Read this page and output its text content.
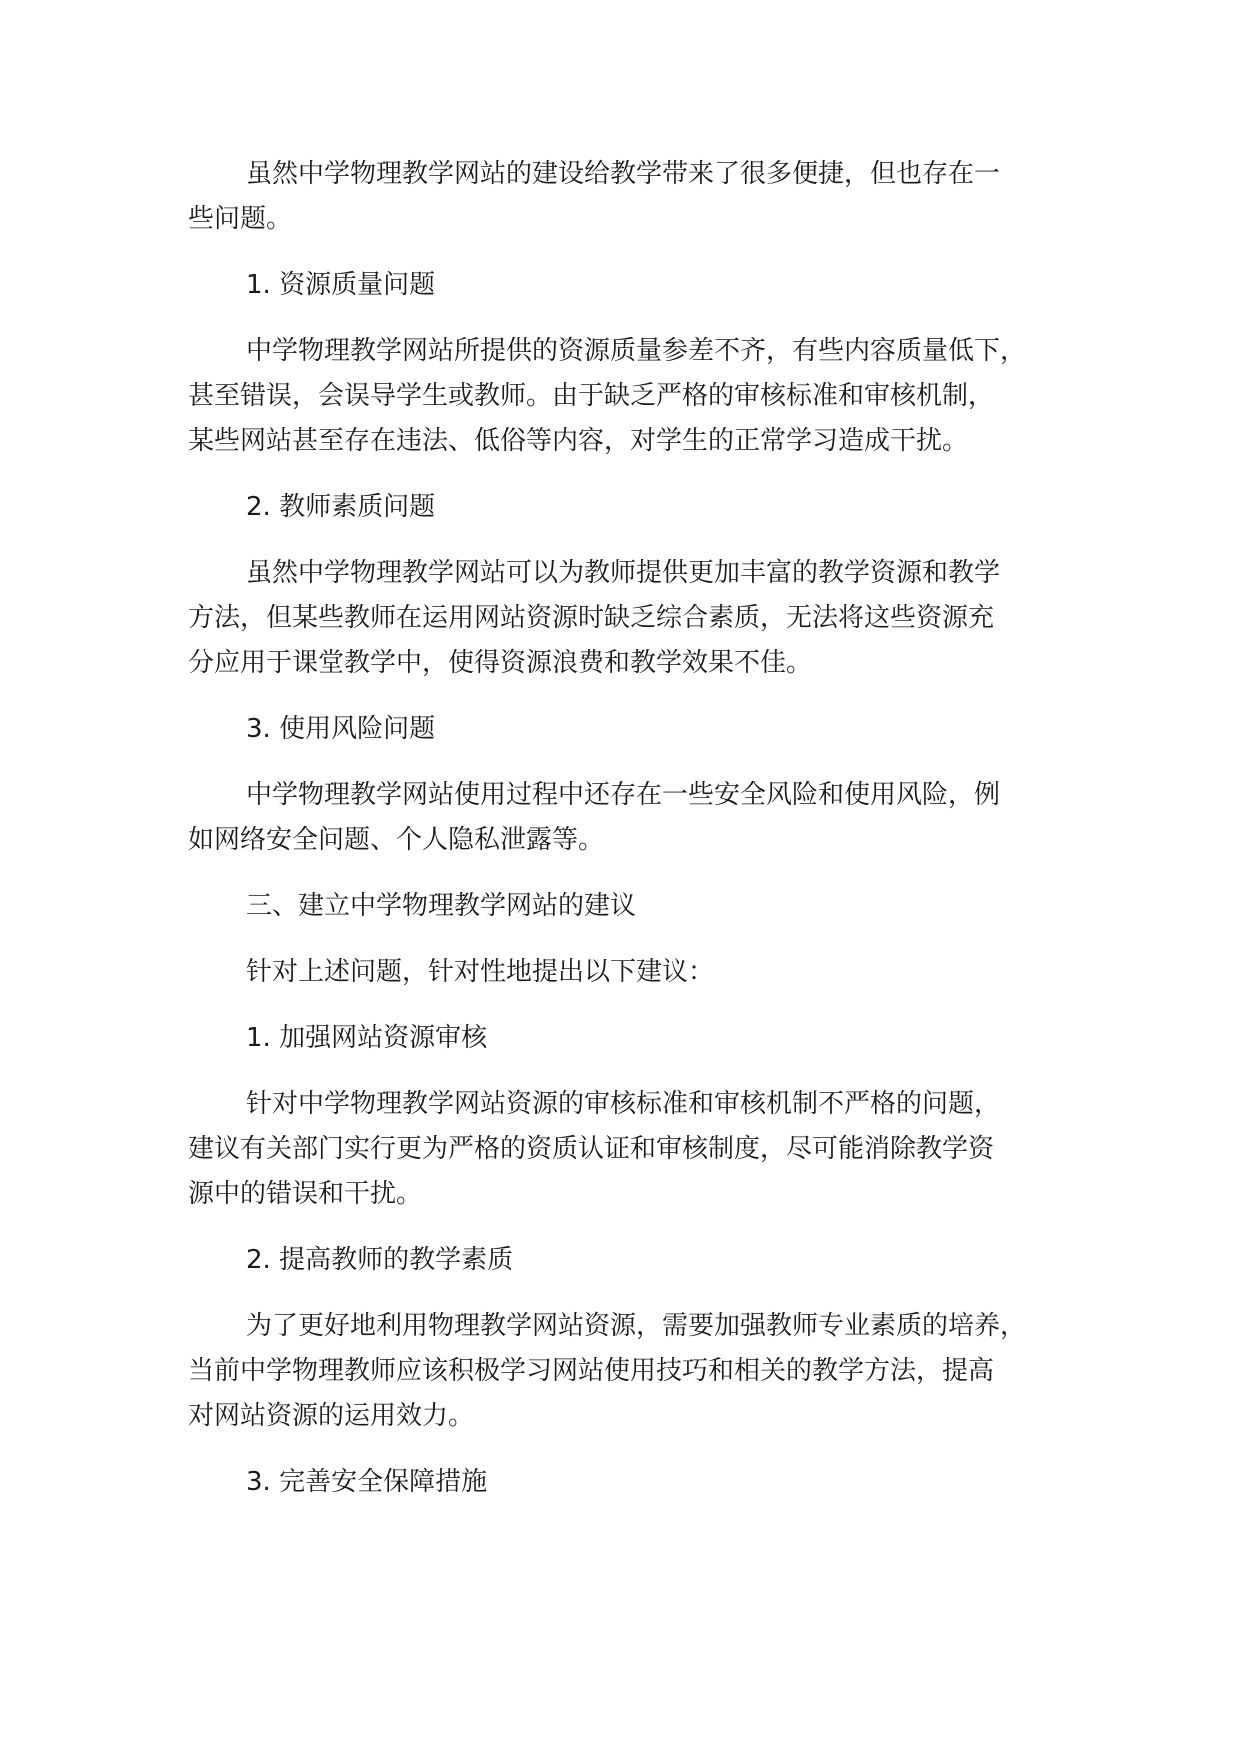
虽然中学物理教学网站的建设给教学带来了很多便捷，但也存在一
些问题。
1. 资源质量问题
中学物理教学网站所提供的资源质量参差不齐，有些内容质量低下，
甚至错误，会误导学生或教师。由于缺乏严格的审核标准和审核机制，
某些网站甚至存在违法、低俗等内容，对学生的正常学习造成干扰。
2. 教师素质问题
虽然中学物理教学网站可以为教师提供更加丰富的教学资源和教学
方法，但某些教师在运用网站资源时缺乏综合素质，无法将这些资源充
分应用于课堂教学中，使得资源浪费和教学效果不佳。
3. 使用风险问题
中学物理教学网站使用过程中还存在一些安全风险和使用风险，例
如网络安全问题、个人隐私泄露等。
三、建立中学物理教学网站的建议
针对上述问题，针对性地提出以下建议：
1. 加强网站资源审核
针对中学物理教学网站资源的审核标准和审核机制不严格的问题，
建议有关部门实行更为严格的资质认证和审核制度，尽可能消除教学资
源中的错误和干扰。
2. 提高教师的教学素质
为了更好地利用物理教学网站资源，需要加强教师专业素质的培养，
当前中学物理教师应该积极学习网站使用技巧和相关的教学方法，提高
对网站资源的运用效力。
3. 完善安全保障措施
